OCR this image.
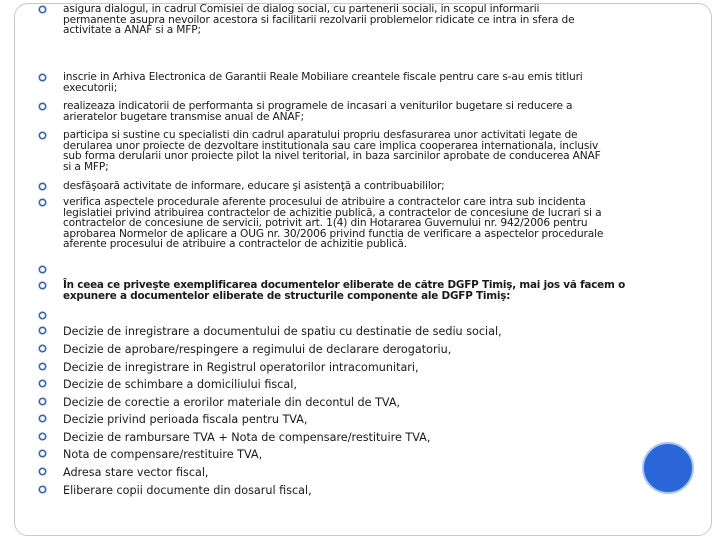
asigura dialogul, in cadrul Comisiei de dialog social, cu partenerii sociali, in scopul informarii
permanente asupra nevoilor acestora si facilitarii rezolvarii problemelor ridicate ce intra in sfera de
activitate a ANAF si a MFP;
inscrie in Arhiva Electronica de Garantii Reale Mobiliare creantele fiscale pentru care s-au emis titluri
executorii;
realizeaza indicatorii de performanta si programele de incasari a veniturilor bugetare si reducere a
arieratelor bugetare transmise anual de ANAF;
participa si sustine cu specialisti din cadrul aparatului propriu desfasurarea unor activitati legate de
derularea unor proiecte de dezvoltare institutionala sau care implica cooperarea internationala, inclusiv
sub forma derularii unor proiecte pilot la nivel teritorial, in baza sarcinilor aprobate de conducerea ANAF
si a MFP;
desfăşoară activitate de informare, educare şi asistenţă a contribuabililor;
verifica aspectele procedurale aferente procesului de atribuire a contractelor care intra sub incidenta
legislatiei privind atribuirea contractelor de achizitie publică, a contractelor de concesiune de lucrari si a
contractelor de concesiune de servicii, potrivit art. 1(4) din Hotararea Guvernului nr. 942/2006 pentru
aprobarea Normelor de aplicare a OUG nr. 30/2006 privind functia de verificare a aspectelor procedurale
aferente procesului de atribuire a contractelor de achizitie publică.
În ceea ce priveşte exemplificarea documentelor eliberate de către DGFP Timiş, mai jos vă facem o
expunere a documentelor eliberate de structurile componente ale DGFP Timiş:
Decizie de inregistrare a documentului de spatiu cu destinatie de sediu social,
Decizie de aprobare/respingere a regimului de declarare derogatoriu,
Decizie de inregistrare in Registrul operatorilor intracomunitari,
Decizie de schimbare a domiciliului fiscal,
Decizie de corectie a erorilor materiale din decontul de TVA,
Decizie privind perioada fiscala pentru TVA,
Decizie de rambursare TVA + Nota de compensare/restituire TVA,
Nota de compensare/restituire TVA,
Adresa stare vector fiscal,
Eliberare copii documente din dosarul fiscal,
